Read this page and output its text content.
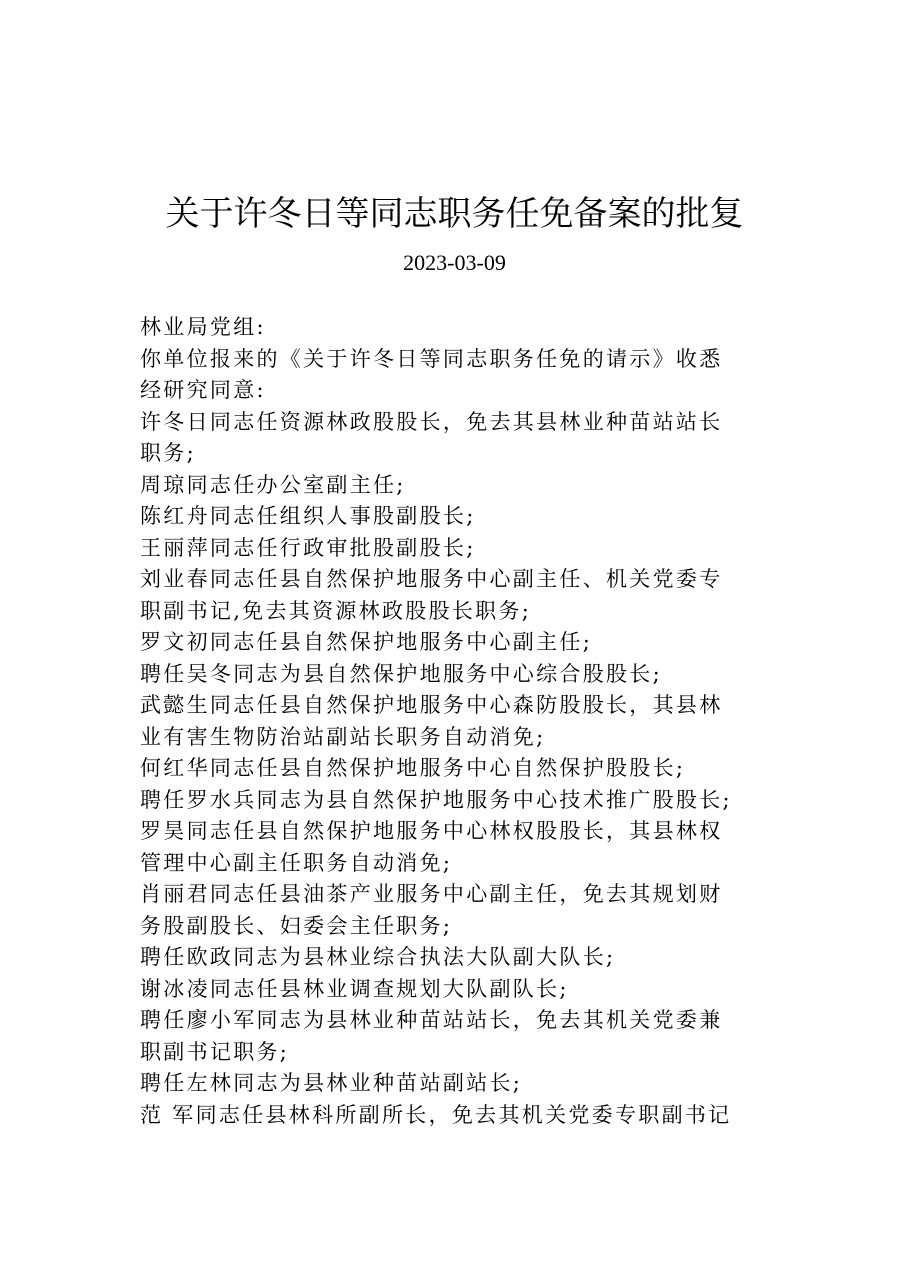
关于许冬日等同志职务任免备案的批复
2023-03-09
林业局党组:
你单位报来的《关于许冬日等同志职务任免的请示》收悉
经研究同意:
许冬日同志任资源林政股股长，免去其县林业种苗站站长
职务;
周琼同志任办公室副主任;
陈红舟同志任组织人事股副股长;
王丽萍同志任行政审批股副股长;
刘业春同志任县自然保护地服务中心副主任、机关党委专
职副书记,免去其资源林政股股长职务;
罗文初同志任县自然保护地服务中心副主任;
聘任吴冬同志为县自然保护地服务中心综合股股长;
武懿生同志任县自然保护地服务中心森防股股长，其县林
业有害生物防治站副站长职务自动消免;
何红华同志任县自然保护地服务中心自然保护股股长;
聘任罗水兵同志为县自然保护地服务中心技术推广股股长;
罗昊同志任县自然保护地服务中心林权股股长，其县林权
管理中心副主任职务自动消免;
肖丽君同志任县油茶产业服务中心副主任，免去其规划财
务股副股长、妇委会主任职务;
聘任欧政同志为县林业综合执法大队副大队长;
谢冰凌同志任县林业调查规划大队副队长;
聘任廖小军同志为县林业种苗站站长，免去其机关党委兼
职副书记职务;
聘任左林同志为县林业种苗站副站长;
范 军同志任县林科所副所长，免去其机关党委专职副书记
